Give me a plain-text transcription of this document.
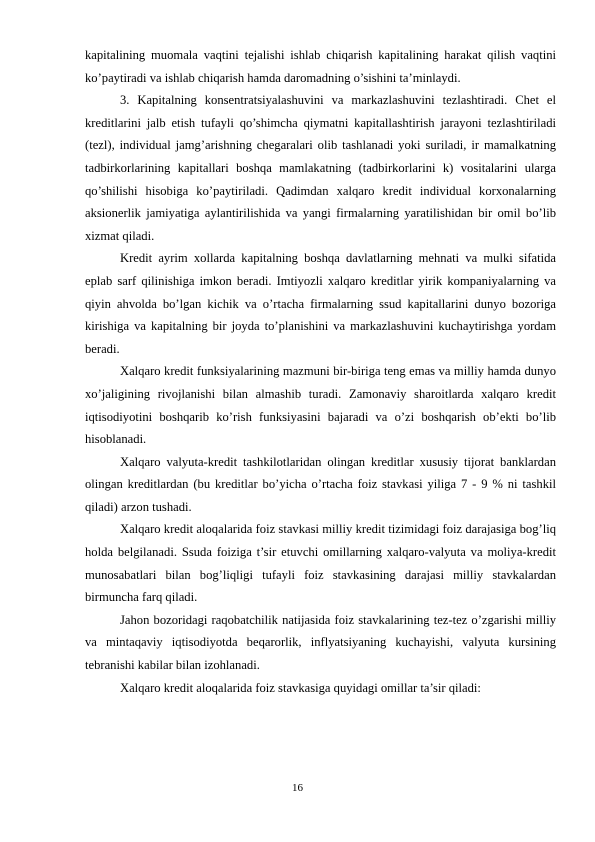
kapitalining muomala vaqtini tejalishi ishlab chiqarish kapitalining harakat qilish vaqtini ko’paytiradi va ishlab chiqarish hamda daromadning o’sishini ta’minlaydi.

3. Kapitalning konsentratsiyalashuvini va markazlashuvini tezlashtiradi. Chet el kreditlarini jalb etish tufayli qo’shimcha qiymatni kapitallashtirish jarayoni tezlashtiriladi (tezl), individual jamg’arishning chegaralari olib tashlanadi yoki suriladi, ir mamalkatning tadbirkorlarining kapitallari boshqa mamlakatning (tadbirkorlarini k) vositalarini ularga qo’shilishi hisobiga ko’paytiriladi. Qadimdan xalqaro kredit individual korxonalarning aksionerlik jamiyatiga aylantirilishida va yangi firmalarning yaratilishidan bir omil bo’lib xizmat qiladi.

Kredit ayrim xollarda kapitalning boshqa davlatlarning mehnati va mulki sifatida eplab sarf qilinishiga imkon beradi. Imtiyozli xalqaro kreditlar yirik kompaniyalarning va qiyin ahvolda bo’lgan kichik va o’rtacha firmalarning ssud kapitallarini dunyo bozoriga kirishiga va kapitalning bir joyda to’planishini va markazlashuvini kuchaytirishga yordam beradi.

Xalqaro kredit funksiyalarining mazmuni bir-biriga teng emas va milliy hamda dunyo xo’jaligining rivojlanishi bilan almashib turadi. Zamonaviy sharoitlarda xalqaro kredit iqtisodiyotini boshqarib ko’rish funksiyasini bajaradi va o’zi boshqarish ob’ekti bo’lib hisoblanadi.

Xalqaro valyuta-kredit tashkilotlaridan olingan kreditlar xususiy tijorat banklardan olingan kreditlardan (bu kreditlar bo’yicha o’rtacha foiz stavkasi yiliga 7 - 9 % ni tashkil qiladi) arzon tushadi.

Xalqaro kredit aloqalarida foiz stavkasi milliy kredit tizimidagi foiz darajasiga bog’liq holda belgilanadi. Ssuda foiziga t’sir etuvchi omillarning xalqaro-valyuta va moliya-kredit munosabatlari bilan bog’liqligi tufayli foiz stavkasining darajasi milliy stavkalardan birmuncha farq qiladi.

Jahon bozoridagi raqobatchilik natijasida foiz stavkalarining tez-tez o’zgarishi milliy va mintaqaviy iqtisodiyotda beqarorlik, inflyatsiyaning kuchayishi, valyuta kursining tebranishi kabilar bilan izohlanadi.

Xalqaro kredit aloqalarida foiz stavkasiga quyidagi omillar ta’sir qiladi:

16
